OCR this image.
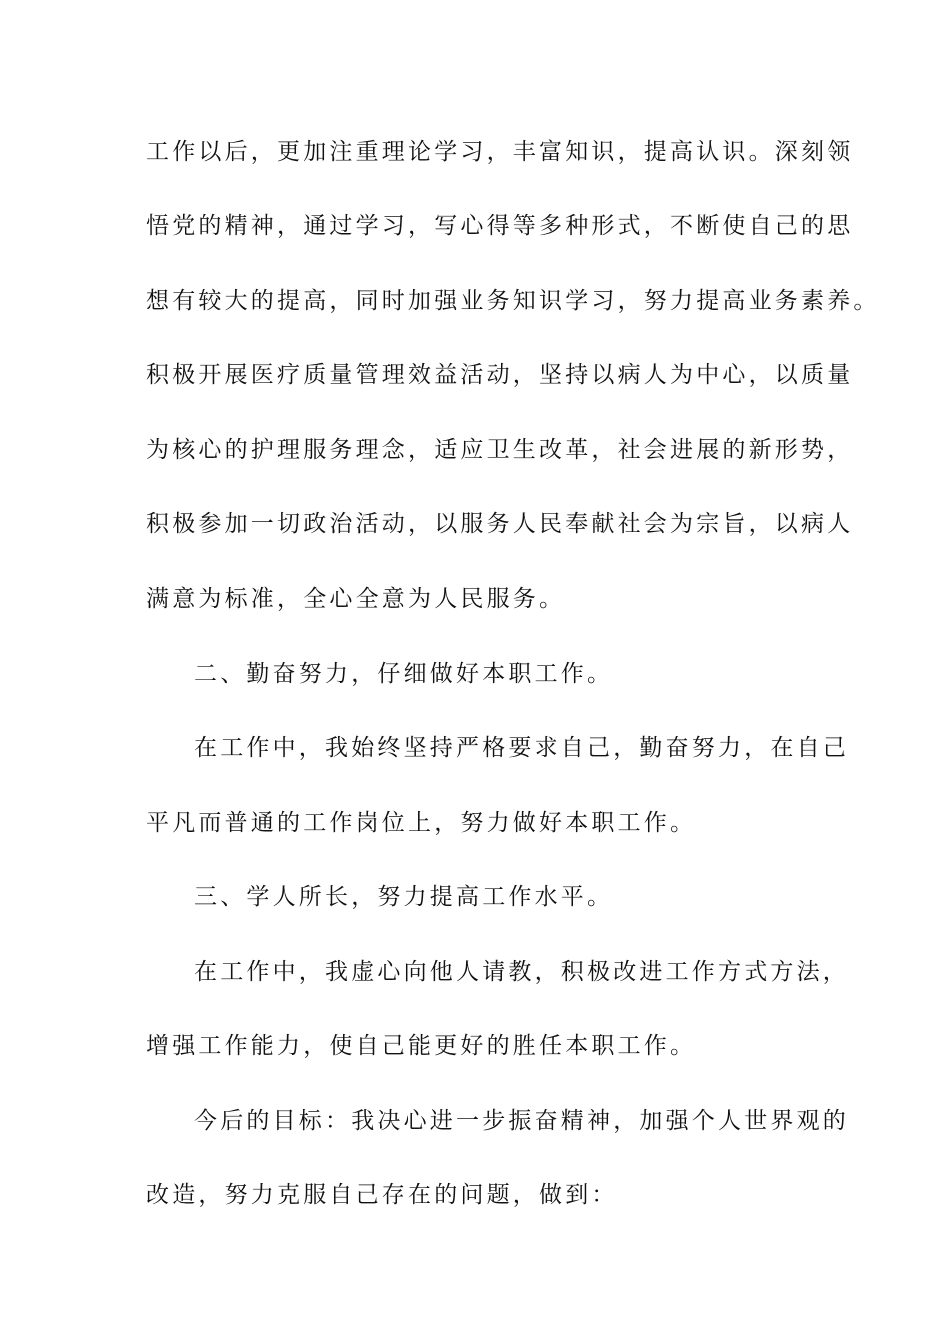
工作以后，更加注重理论学习，丰富知识，提高认识。深刻领
悟党的精神，通过学习，写心得等多种形式，不断使自己的思
想有较大的提高，同时加强业务知识学习，努力提高业务素养。
积极开展医疗质量管理效益活动，坚持以病人为中心，以质量
为核心的护理服务理念，适应卫生改革，社会进展的新形势，
积极参加一切政治活动，以服务人民奉献社会为宗旨，以病人
满意为标准，全心全意为人民服务。
二、勤奋努力，仔细做好本职工作。
在工作中，我始终坚持严格要求自己，勤奋努力，在自己
平凡而普通的工作岗位上，努力做好本职工作。
三、学人所长，努力提高工作水平。
在工作中，我虚心向他人请教，积极改进工作方式方法，
增强工作能力，使自己能更好的胜任本职工作。
今后的目标：我决心进一步振奋精神，加强个人世界观的
改造，努力克服自己存在的问题，做到：
